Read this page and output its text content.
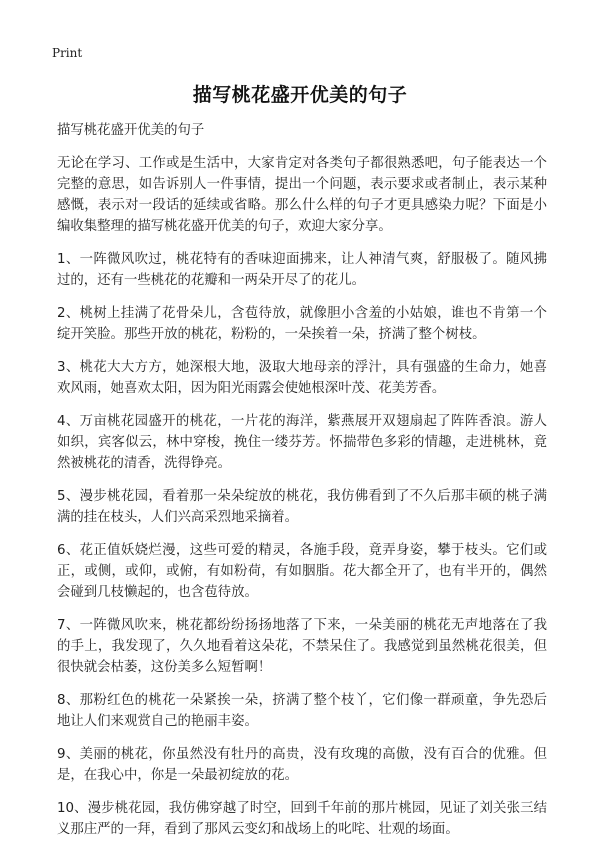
Print
描写桃花盛开优美的句子

描写桃花盛开优美的句子

无论在学习、工作或是生活中，大家肯定对各类句子都很熟悉吧，句子能表达一个完整的意思，如告诉别人一件事情，提出一个问题，表示要求或者制止，表示某种感慨，表示对一段话的延续或省略。那么什么样的句子才更具感染力呢？下面是小编收集整理的描写桃花盛开优美的句子，欢迎大家分享。

1、一阵微风吹过，桃花特有的香味迎面拂来，让人神清气爽，舒服极了。随风拂过的，还有一些桃花的花瓣和一两朵开尽了的花儿。

2、桃树上挂满了花骨朵儿，含苞待放，就像胆小含羞的小姑娘，谁也不肯第一个绽开笑脸。那些开放的桃花，粉粉的，一朵挨着一朵，挤满了整个树枝。

3、桃花大大方方，她深根大地，汲取大地母亲的浮汁，具有强盛的生命力，她喜欢风雨，她喜欢太阳，因为阳光雨露会使她根深叶茂、花美芳香。

4、万亩桃花园盛开的桃花，一片花的海洋，紫燕展开双翅扇起了阵阵香浪。游人如织，宾客似云，林中穿梭，挽住一缕芬芳。怀揣带色多彩的情趣，走进桃林，竟然被桃花的清香，洗得铮亮。

5、漫步桃花园，看着那一朵朵绽放的桃花，我仿佛看到了不久后那丰硕的桃子满满的挂在枝头，人们兴高采烈地采摘着。

6、花正值妖娆烂漫，这些可爱的精灵，各施手段，竟弄身姿，攀于枝头。它们或正，或侧，或仰，或俯，有如粉荷，有如胭脂。花大都全开了，也有半开的，偶然会碰到几枝懒起的，也含苞待放。

7、一阵微风吹来，桃花都纷纷扬扬地落了下来，一朵美丽的桃花无声地落在了我的手上，我发现了，久久地看着这朵花，不禁呆住了。我感觉到虽然桃花很美，但很快就会枯萎，这份美多么短暂啊！

8、那粉红色的桃花一朵紧挨一朵，挤满了整个枝丫，它们像一群顽童，争先恐后地让人们来观赏自己的艳丽丰姿。

9、美丽的桃花，你虽然没有牡丹的高贵，没有玫瑰的高傲，没有百合的优雅。但是，在我心中，你是一朵最初绽放的花。

10、漫步桃花园，我仿佛穿越了时空，回到千年前的那片桃园，见证了刘关张三结义那庄严的一拜，看到了那风云变幻和战场上的叱咤、壮观的场面。
